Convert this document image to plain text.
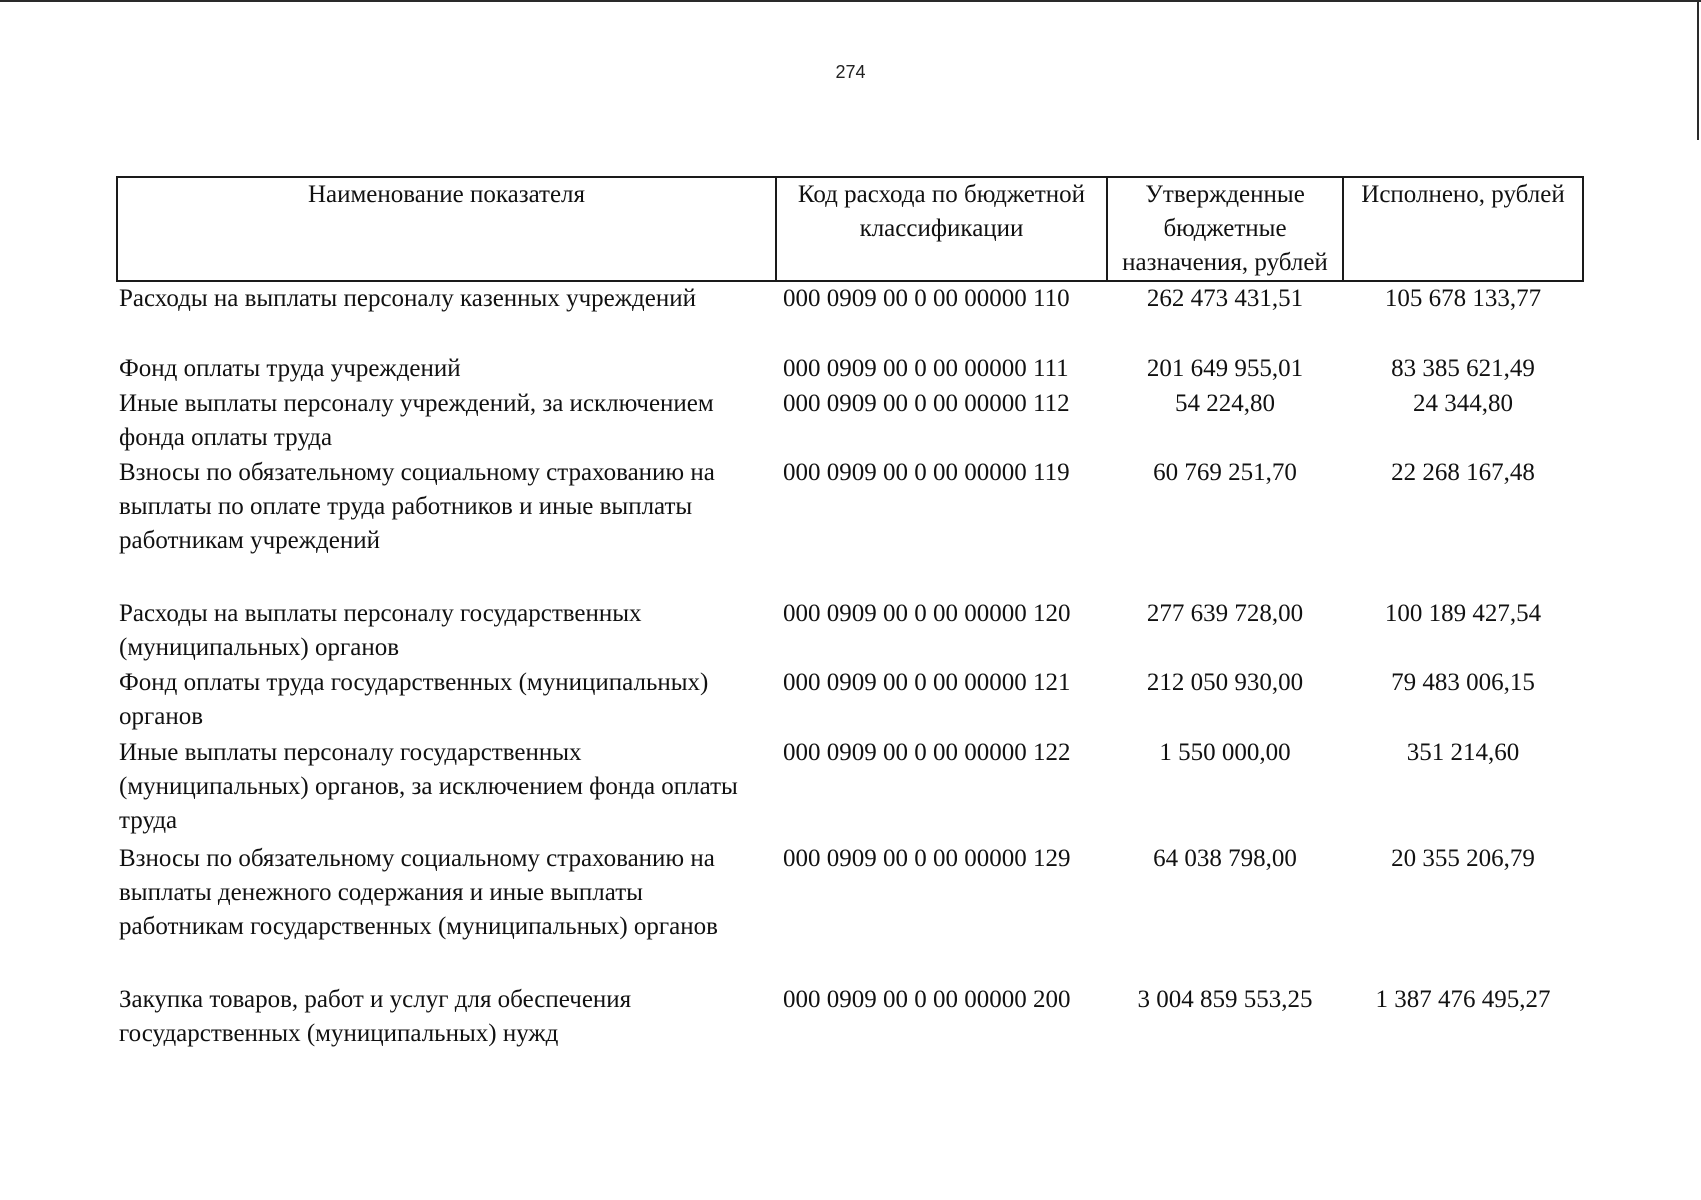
274
Наименование показателя	Код расхода по бюджетной классификации	Утвержденные бюджетные назначения, рублей	Исполнено, рублей
Расходы на выплаты персоналу казенных учреждений	000 0909 00 0 00 00000 110	262 473 431,51	105 678 133,77
Фонд оплаты труда учреждений	000 0909 00 0 00 00000 111	201 649 955,01	83 385 621,49
Иные выплаты персоналу учреждений, за исключением фонда оплаты труда	000 0909 00 0 00 00000 112	54 224,80	24 344,80
Взносы по обязательному социальному страхованию на выплаты по оплате труда работников и иные выплаты работникам учреждений	000 0909 00 0 00 00000 119	60 769 251,70	22 268 167,48
Расходы на выплаты персоналу государственных (муниципальных) органов	000 0909 00 0 00 00000 120	277 639 728,00	100 189 427,54
Фонд оплаты труда государственных (муниципальных) органов	000 0909 00 0 00 00000 121	212 050 930,00	79 483 006,15
Иные выплаты персоналу государственных (муниципальных) органов, за исключением фонда оплаты труда	000 0909 00 0 00 00000 122	1 550 000,00	351 214,60
Взносы по обязательному социальному страхованию на выплаты денежного содержания и иные выплаты работникам государственных (муниципальных) органов	000 0909 00 0 00 00000 129	64 038 798,00	20 355 206,79
Закупка товаров, работ и услуг для обеспечения государственных (муниципальных) нужд	000 0909 00 0 00 00000 200	3 004 859 553,25	1 387 476 495,27
